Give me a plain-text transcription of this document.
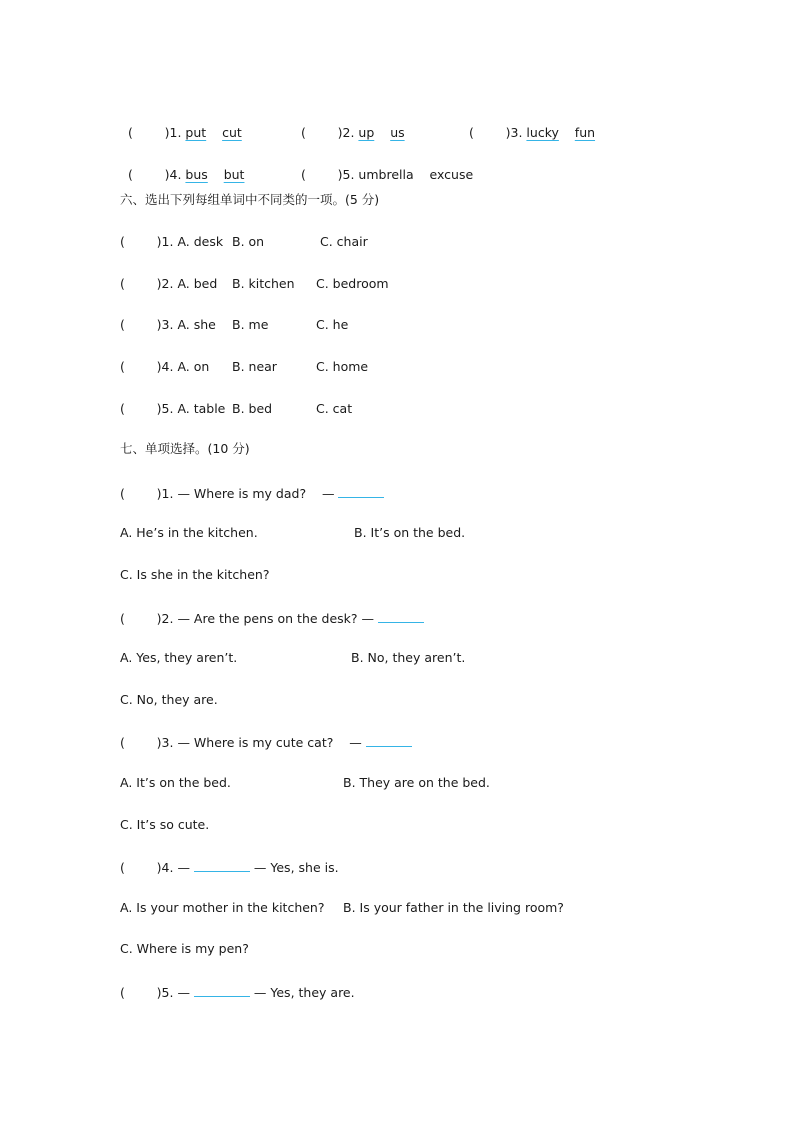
(        )1. put cut	(        )2. up us	(        )3. lucky fun

(        )4. bus but	(        )5. umbrella excuse

六、选出下列每组单词中不同类的一项。(5 分)
(        )1. A. desk B. on	C. chair
(        )2. A. bed B. kitchen C. bedroom
(        )3. A. she B. me	C. he
(        )4. A. on B. near	C. home
(        )5. A. table B. bed	C. cat
七、单项选择。(10 分)
(        )1. — Where is my dad?    —
A. He’s in the kitchen.	B. It’s on the bed.
C. Is she in the kitchen?
(        )2. — Are the pens on the desk? —
A. Yes, they aren’t.	B. No, they aren’t.
C. No, they are.
(        )3. — Where is my cute cat?    —
A. It’s on the bed.	B. They are on the bed.
C. It’s so cute.
(        )4. —	— Yes, she is.
A. Is your mother in the kitchen? B. Is your father in the living room?
C. Where is my pen?
(        )5. —	— Yes, they are.
